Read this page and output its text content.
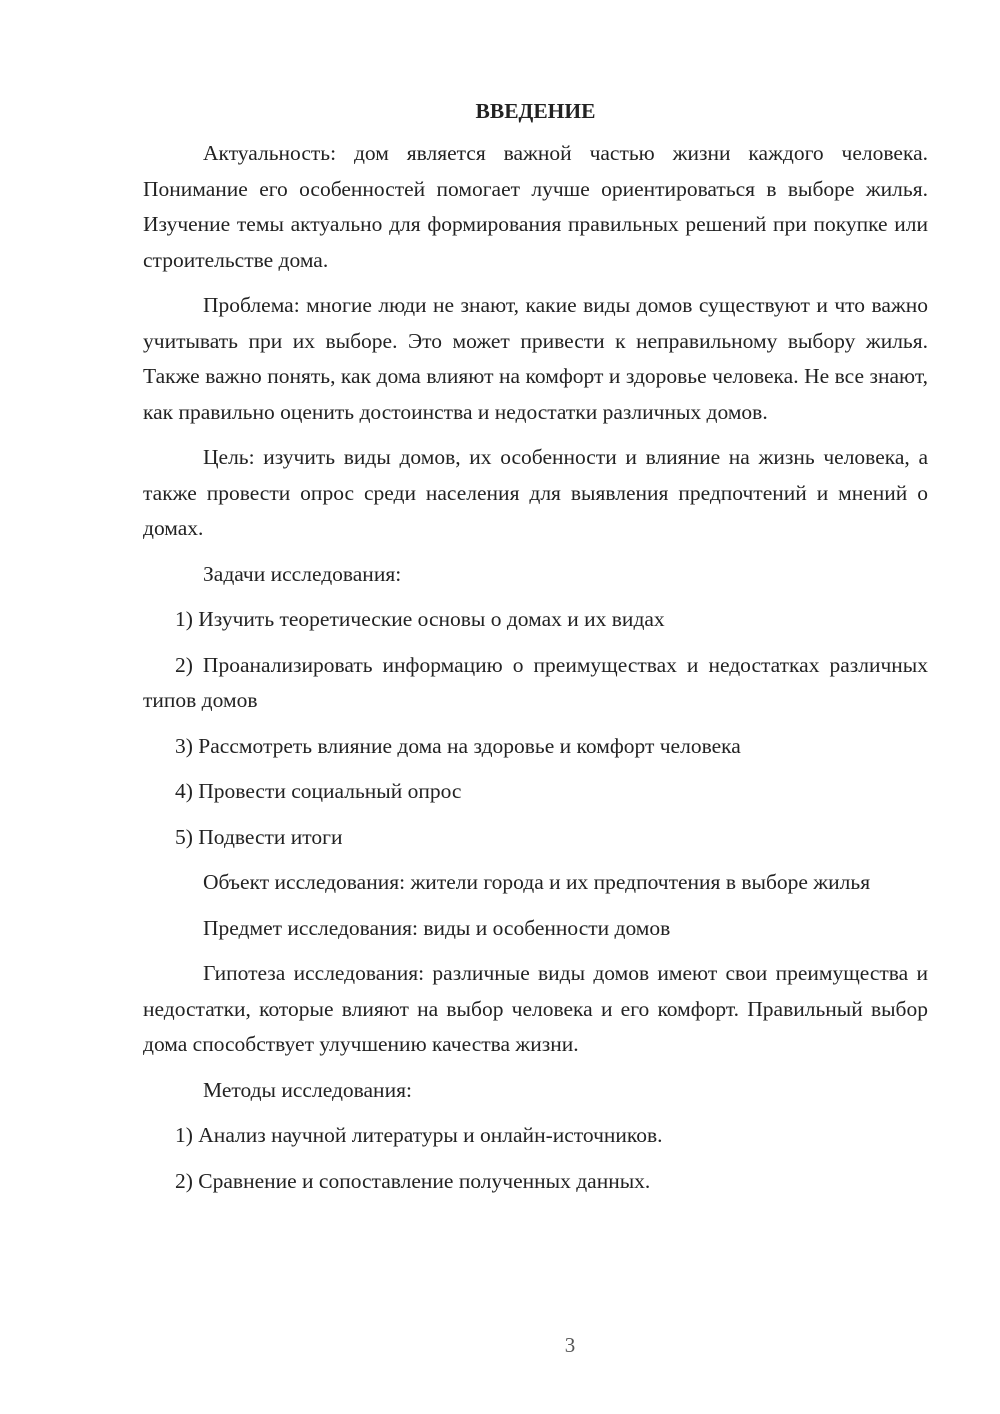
ВВЕДЕНИЕ

Актуальность: дом является важной частью жизни каждого человека. Понимание его особенностей помогает лучше ориентироваться в выборе жилья. Изучение темы актуально для формирования правильных решений при покупке или строительстве дома.

Проблема: многие люди не знают, какие виды домов существуют и что важно учитывать при их выборе. Это может привести к неправильному выбору жилья. Также важно понять, как дома влияют на комфорт и здоровье человека. Не все знают, как правильно оценить достоинства и недостатки различных домов.

Цель: изучить виды домов, их особенности и влияние на жизнь человека, а также провести опрос среди населения для выявления предпочтений и мнений о домах.

Задачи исследования:

1) Изучить теоретические основы о домах и их видах

2) Проанализировать информацию о преимуществах и недостатках различных типов домов

3) Рассмотреть влияние дома на здоровье и комфорт человека

4) Провести социальный опрос

5) Подвести итоги

Объект исследования: жители города и их предпочтения в выборе жилья

Предмет исследования: виды и особенности домов

Гипотеза исследования: различные виды домов имеют свои преимущества и недостатки, которые влияют на выбор человека и его комфорт. Правильный выбор дома способствует улучшению качества жизни.

Методы исследования:

1) Анализ научной литературы и онлайн-источников.

2) Сравнение и сопоставление полученных данных.

3
